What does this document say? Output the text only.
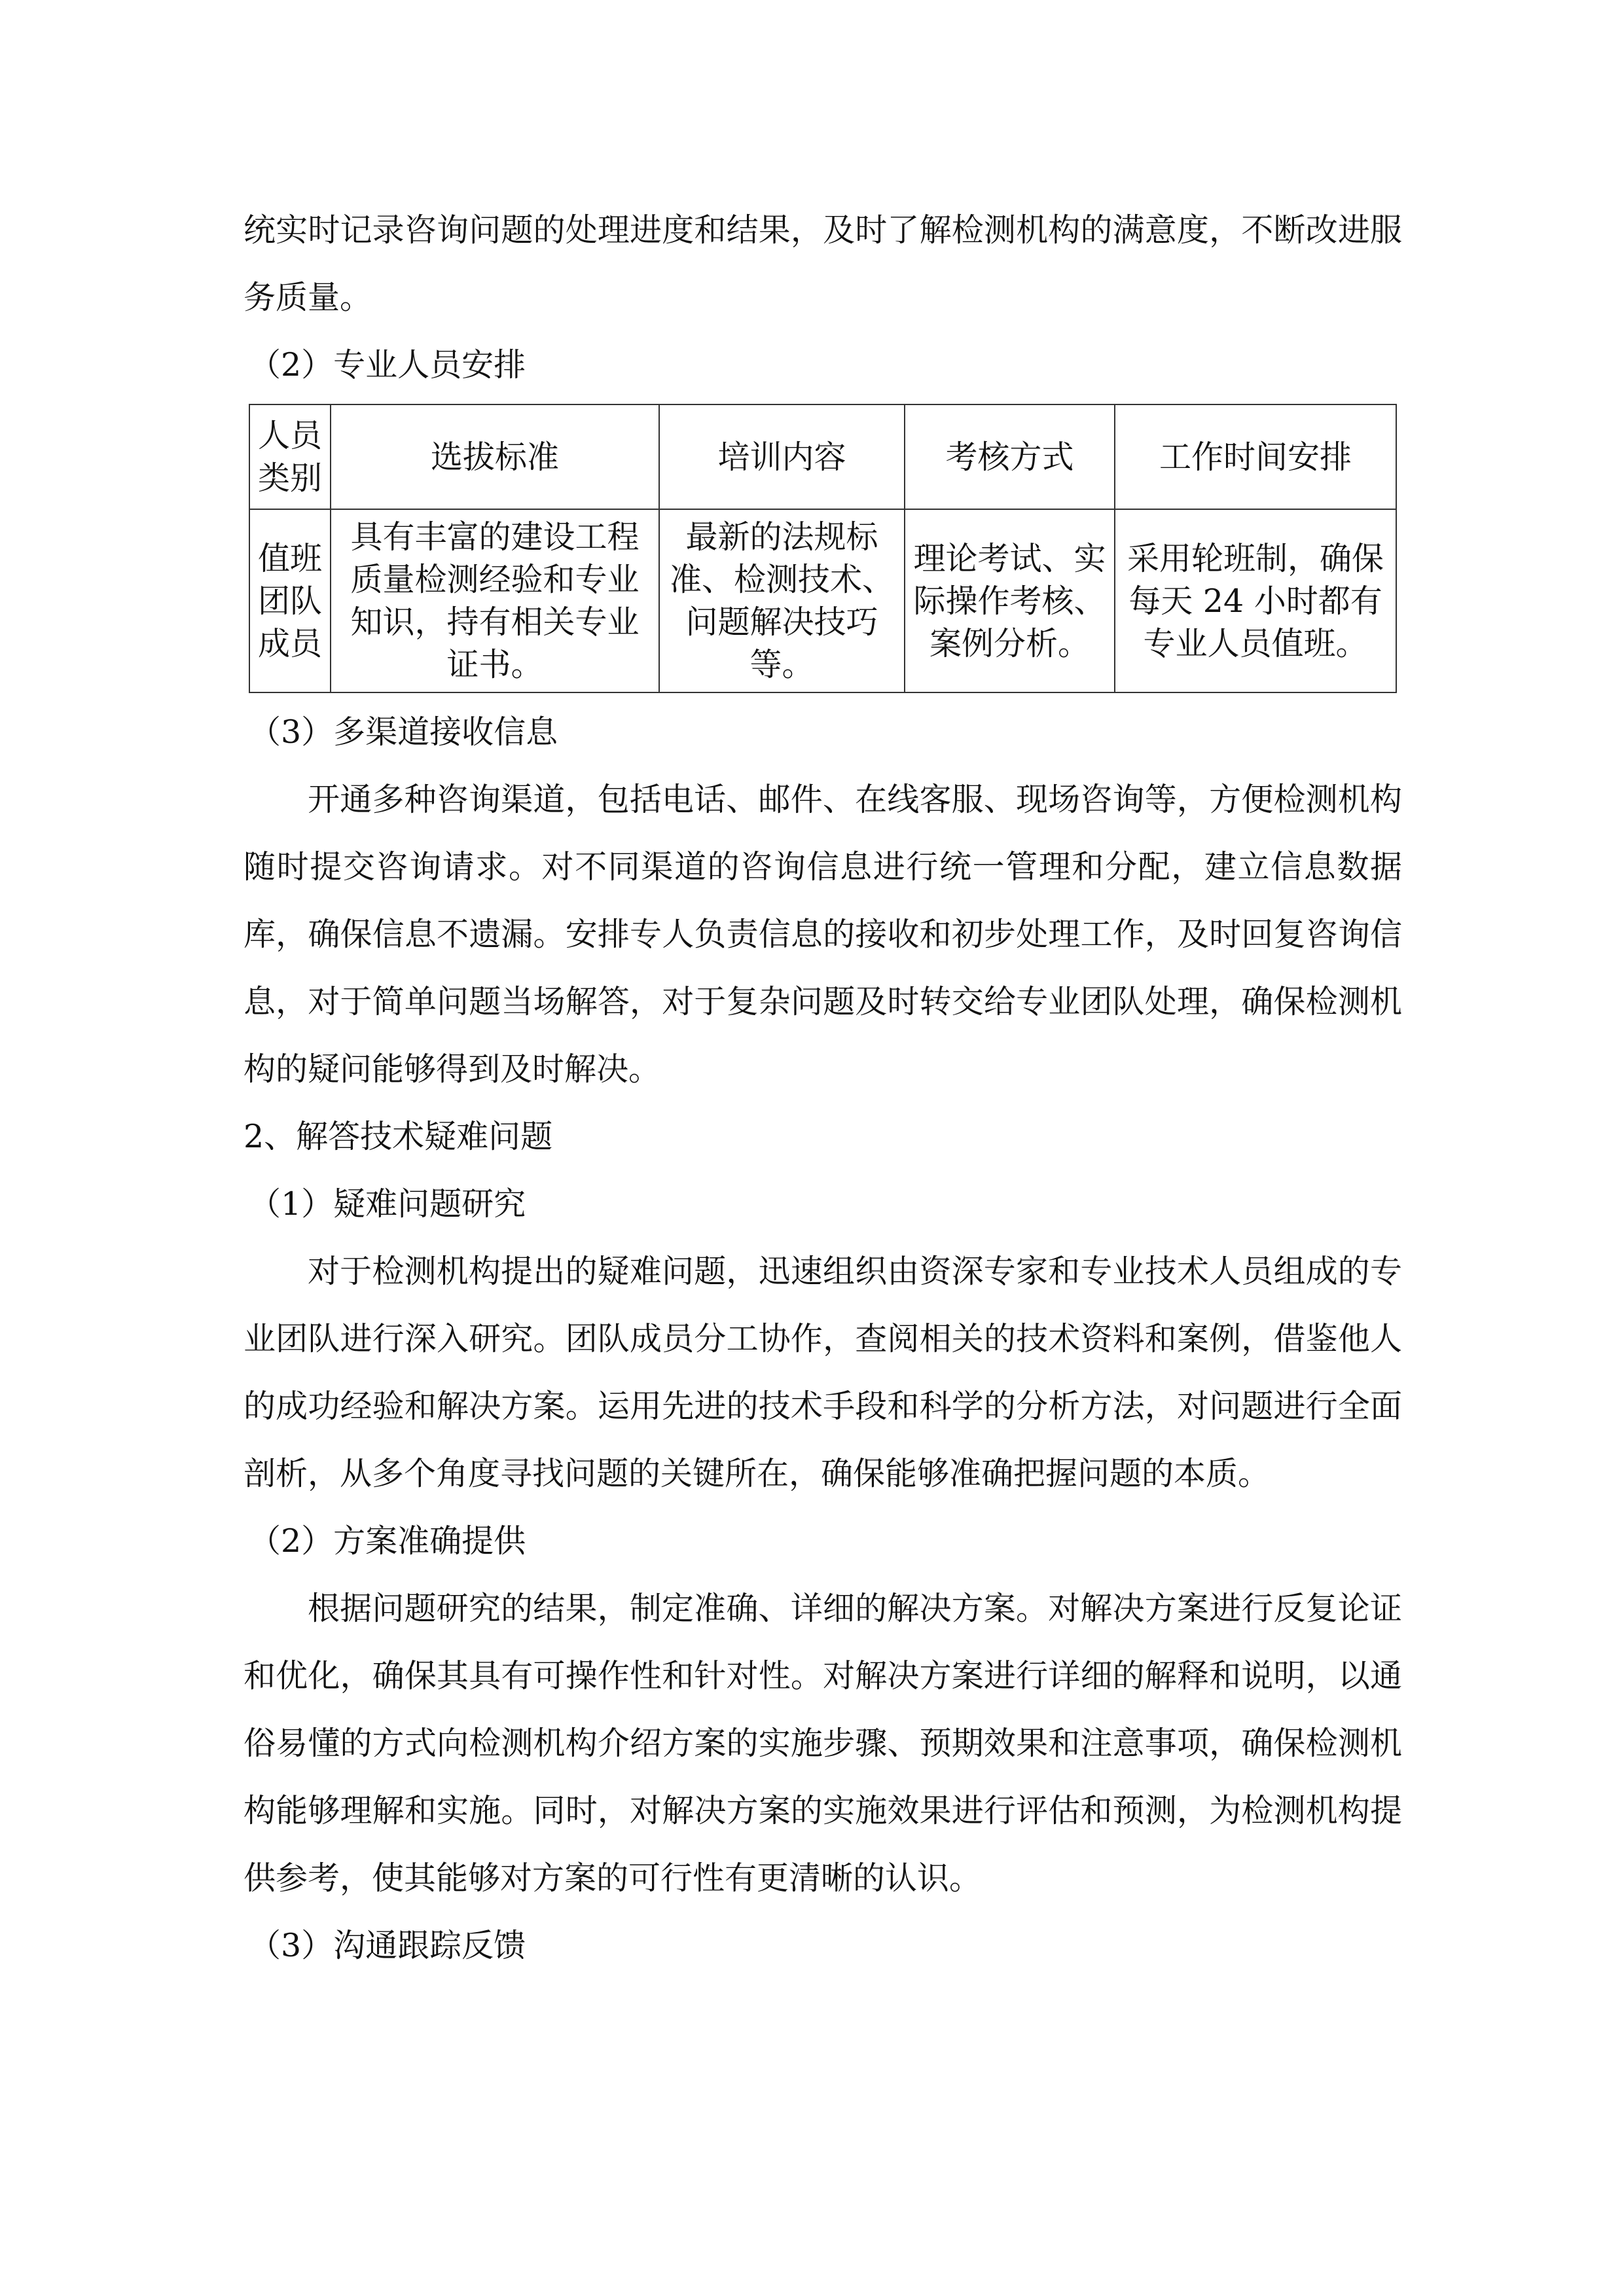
统实时记录咨询问题的处理进度和结果，及时了解检测机构的满意度，不断改进服务质量。

（2）专业人员安排

人员类别	选拔标准	培训内容	考核方式	工作时间安排
值班团队成员	具有丰富的建设工程质量检测经验和专业知识，持有相关专业证书。	最新的法规标准、检测技术、问题解决技巧等。	理论考试、实际操作考核、案例分析。	采用轮班制，确保每天 24 小时都有专业人员值班。

（3）多渠道接收信息

开通多种咨询渠道，包括电话、邮件、在线客服、现场咨询等，方便检测机构随时提交咨询请求。对不同渠道的咨询信息进行统一管理和分配，建立信息数据库，确保信息不遗漏。安排专人负责信息的接收和初步处理工作，及时回复咨询信息，对于简单问题当场解答，对于复杂问题及时转交给专业团队处理，确保检测机构的疑问能够得到及时解决。

2、解答技术疑难问题

（1）疑难问题研究

对于检测机构提出的疑难问题，迅速组织由资深专家和专业技术人员组成的专业团队进行深入研究。团队成员分工协作，查阅相关的技术资料和案例，借鉴他人的成功经验和解决方案。运用先进的技术手段和科学的分析方法，对问题进行全面剖析，从多个角度寻找问题的关键所在，确保能够准确把握问题的本质。

（2）方案准确提供

根据问题研究的结果，制定准确、详细的解决方案。对解决方案进行反复论证和优化，确保其具有可操作性和针对性。对解决方案进行详细的解释和说明，以通俗易懂的方式向检测机构介绍方案的实施步骤、预期效果和注意事项，确保检测机构能够理解和实施。同时，对解决方案的实施效果进行评估和预测，为检测机构提供参考，使其能够对方案的可行性有更清晰的认识。

（3）沟通跟踪反馈
